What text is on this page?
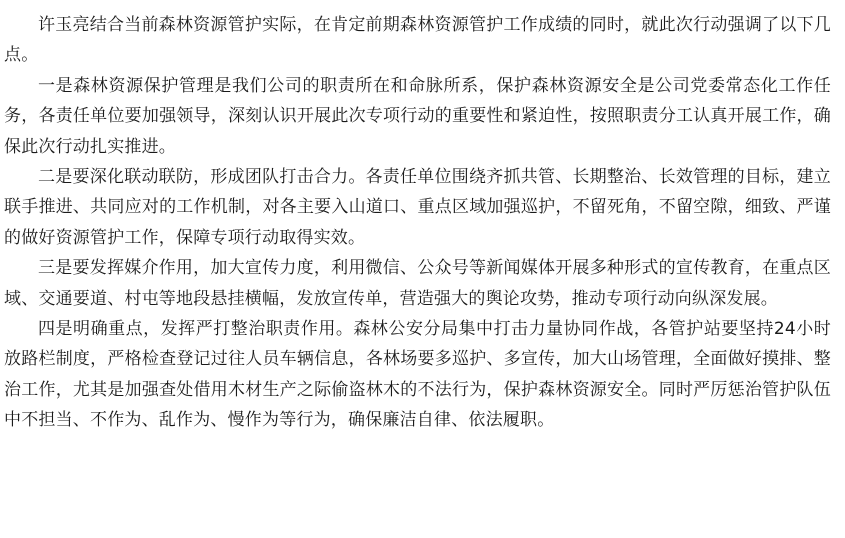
许玉亮结合当前森林资源管护实际，在肯定前期森林资源管护工作成绩的同时，就此次行动强调了以下几点。

一是森林资源保护管理是我们公司的职责所在和命脉所系，保护森林资源安全是公司党委常态化工作任务，各责任单位要加强领导，深刻认识开展此次专项行动的重要性和紧迫性，按照职责分工认真开展工作，确保此次行动扎实推进。

二是要深化联动联防，形成团队打击合力。各责任单位围绕齐抓共管、长期整治、长效管理的目标，建立联手推进、共同应对的工作机制，对各主要入山道口、重点区域加强巡护，不留死角，不留空隙，细致、严谨的做好资源管护工作，保障专项行动取得实效。

三是要发挥媒介作用，加大宣传力度，利用微信、公众号等新闻媒体开展多种形式的宣传教育，在重点区域、交通要道、村屯等地段悬挂横幅，发放宣传单，营造强大的舆论攻势，推动专项行动向纵深发展。

四是明确重点，发挥严打整治职责作用。森林公安分局集中打击力量协同作战，各管护站要坚持24小时放路栏制度，严格检查登记过往人员车辆信息，各林场要多巡护、多宣传，加大山场管理，全面做好摸排、整治工作，尤其是加强查处借用木材生产之际偷盗林木的不法行为，保护森林资源安全。同时严厉惩治管护队伍中不担当、不作为、乱作为、慢作为等行为，确保廉洁自律、依法履职。
